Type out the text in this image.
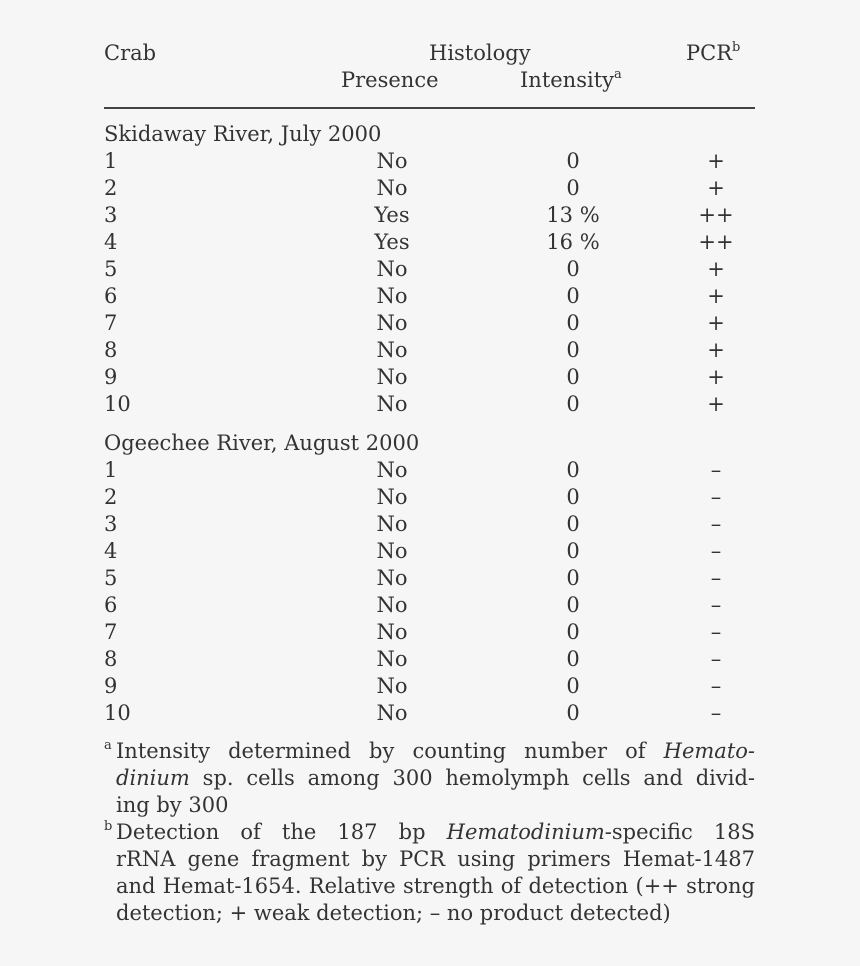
Crab	Histology	PCR$^b$
Presence	Intensity$^a$
Skidaway River, July 2000
1	No	0	+
2	No	0	+
3	Yes	13 %	++
4	Yes	16 %	++
5	No	0	+
6	No	0	+
7	No	0	+
8	No	0	+
9	No	0	+
10	No	0	+
Ogeechee River, August 2000
1	No	0	–
2	No	0	–
3	No	0	–
4	No	0	–
5	No	0	–
6	No	0	–
7	No	0	–
8	No	0	–
9	No	0	–
10	No	0	–
a Intensity determined by counting number of Hemato-
dinium sp. cells among 300 hemolymph cells and divid-
ing by 300
b Detection of the 187 bp Hematodinium-specific 18S
rRNA gene fragment by PCR using primers Hemat-1487
and Hemat-1654. Relative strength of detection (++ strong
detection; + weak detection; – no product detected)
